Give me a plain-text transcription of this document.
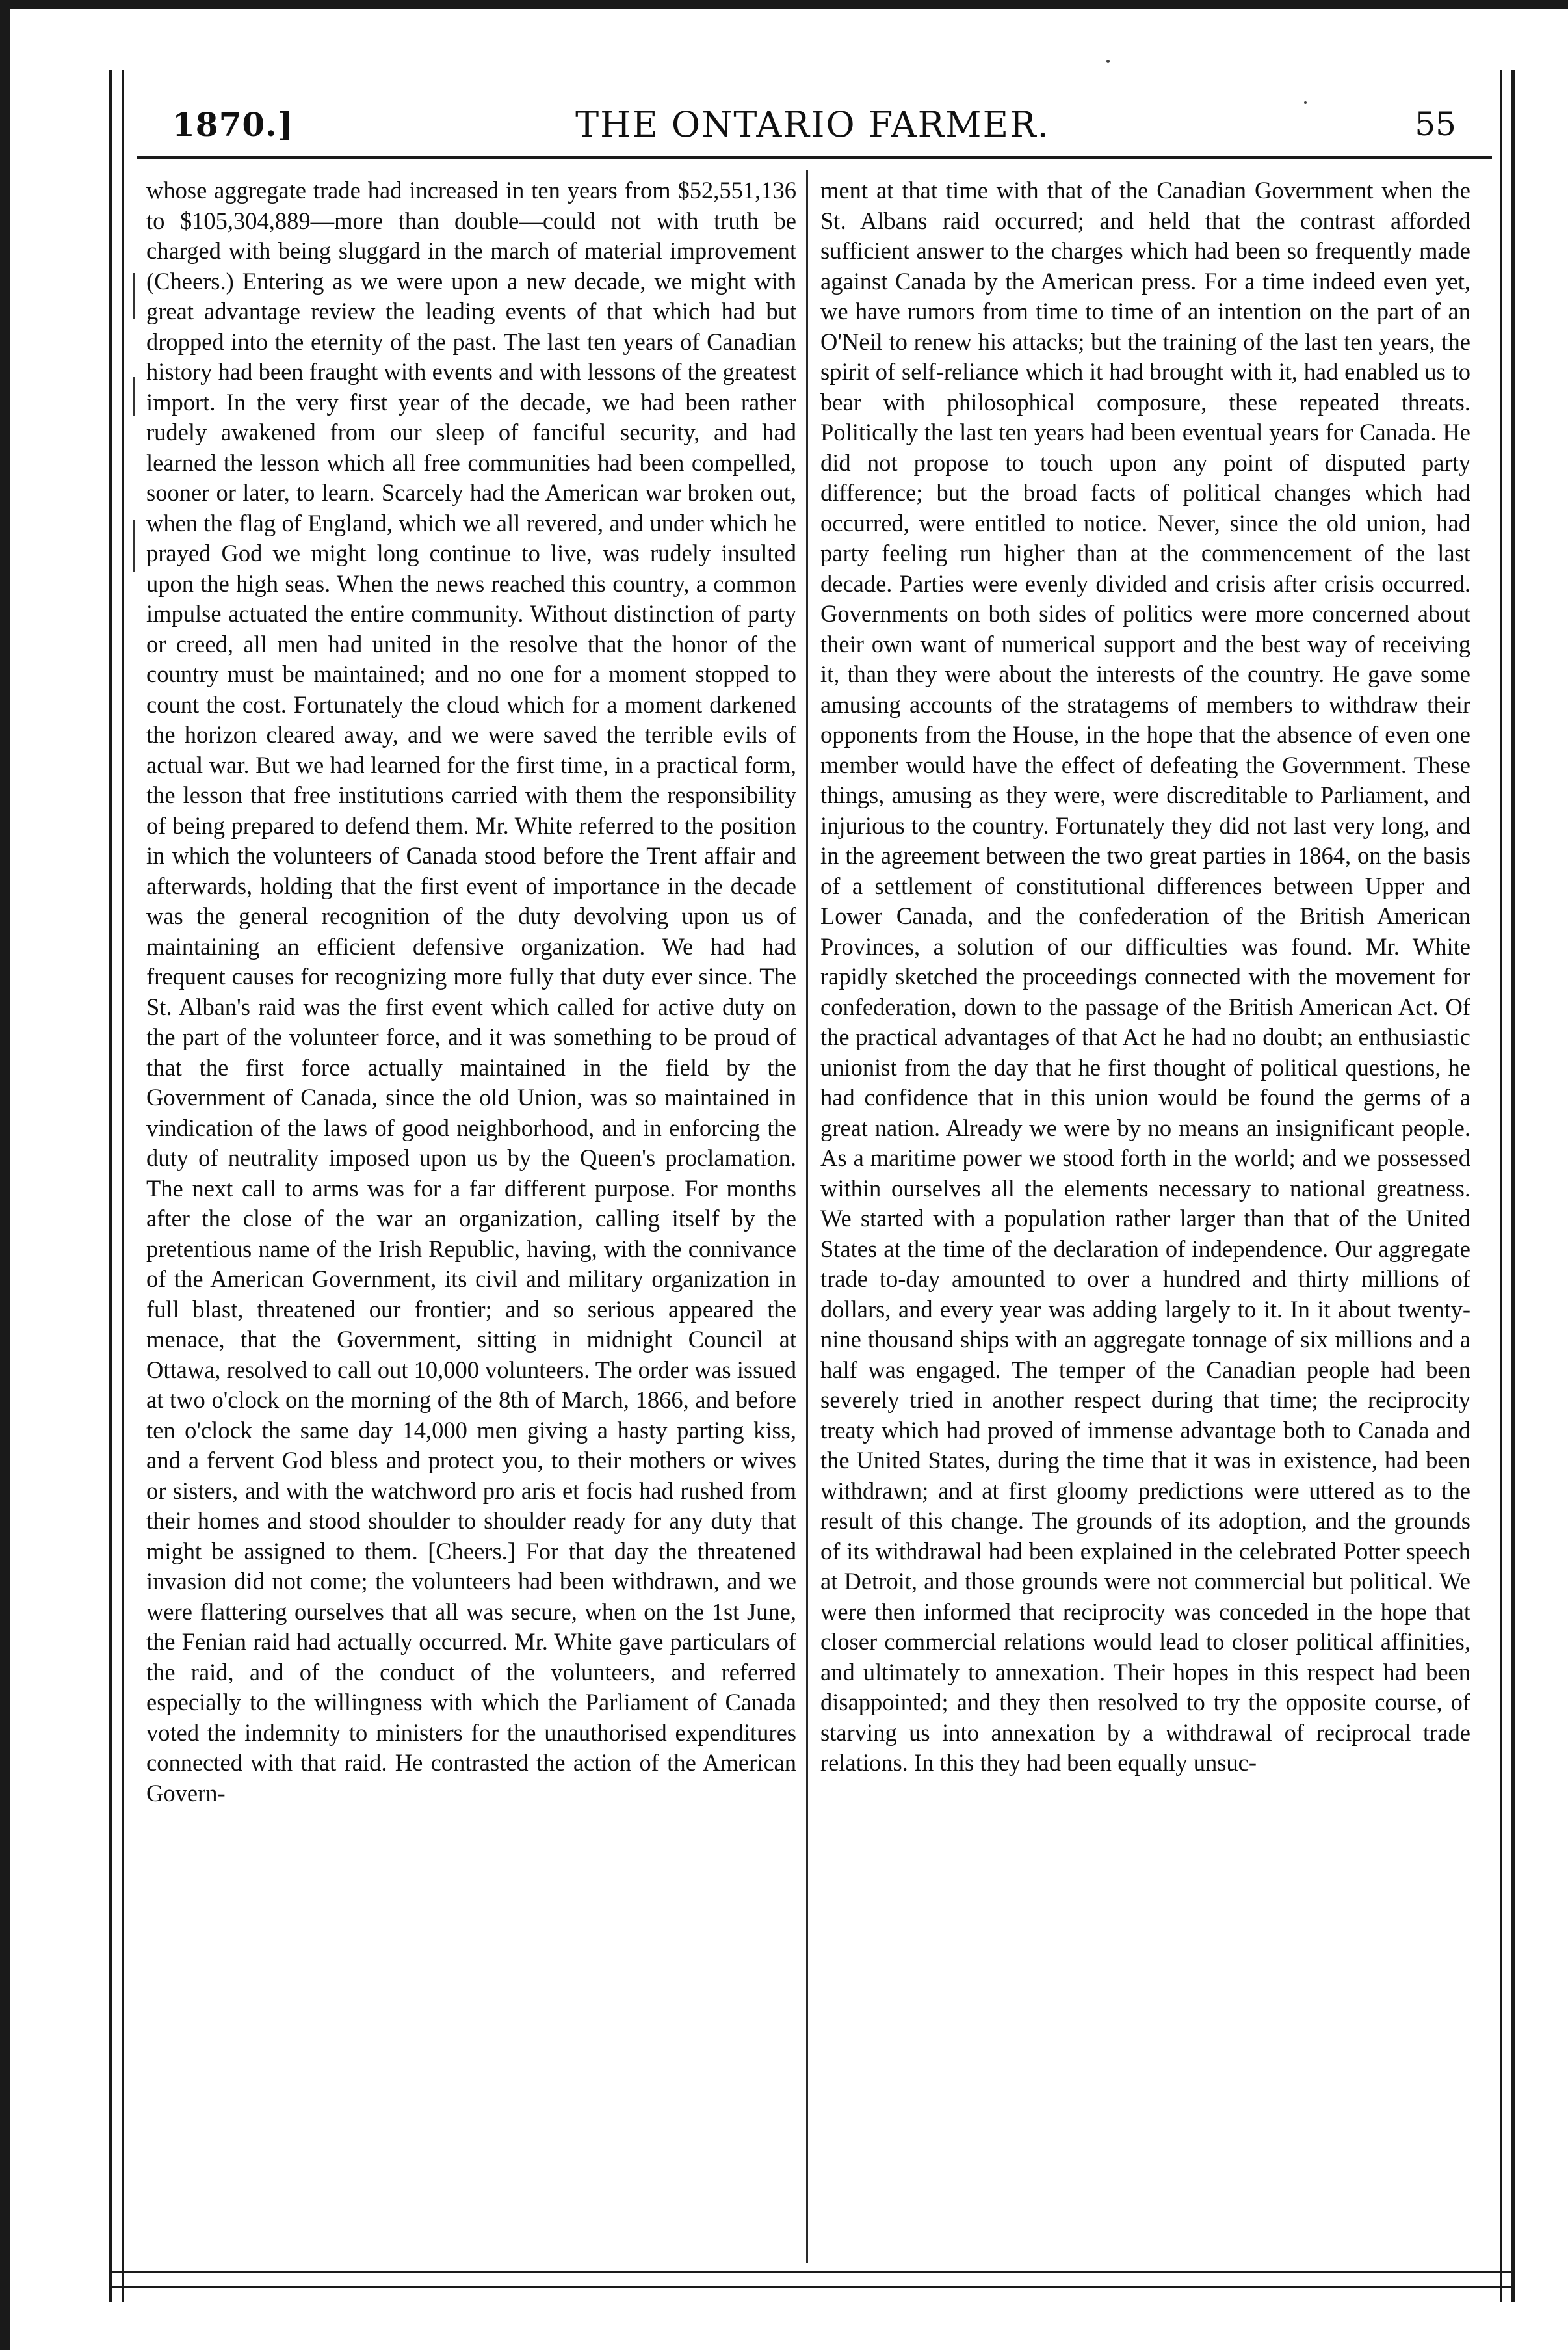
1870.]	THE ONTARIO FARMER.	55

whose aggregate trade had increased in ten years from $52,551,136 to $105,304,889—more than double—could not with truth be charged with being sluggard in the march of material improvement (Cheers.) Entering as we were upon a new decade, we might with great advantage review the leading events of that which had but dropped into the eternity of the past. The last ten years of Canadian history had been fraught with events and with lessons of the greatest import. In the very first year of the decade, we had been rather rudely awakened from our sleep of fanciful security, and had learned the lesson which all free communities had been compelled, sooner or later, to learn. Scarcely had the American war broken out, when the flag of England, which we all revered, and under which he prayed God we might long continue to live, was rudely insulted upon the high seas. When the news reached this country, a common impulse actuated the entire community. Without distinction of party or creed, all men had united in the resolve that the honor of the country must be maintained; and no one for a moment stopped to count the cost. Fortunately the cloud which for a moment darkened the horizon cleared away, and we were saved the terrible evils of actual war. But we had learned for the first time, in a practical form, the lesson that free institutions carried with them the responsibility of being prepared to defend them. Mr. White referred to the position in which the volunteers of Canada stood before the Trent affair and afterwards, holding that the first event of importance in the decade was the general recognition of the duty devolving upon us of maintaining an efficient defensive organization. We had had frequent causes for recognizing more fully that duty ever since. The St. Alban's raid was the first event which called for active duty on the part of the volunteer force, and it was something to be proud of that the first force actually maintained in the field by the Government of Canada, since the old Union, was so maintained in vindication of the laws of good neighborhood, and in enforcing the duty of neutrality imposed upon us by the Queen's proclamation. The next call to arms was for a far different purpose. For months after the close of the war an organization, calling itself by the pretentious name of the Irish Republic, having, with the connivance of the American Government, its civil and military organization in full blast, threatened our frontier; and so serious appeared the menace, that the Government, sitting in midnight Council at Ottawa, resolved to call out 10,000 volunteers. The order was issued at two o'clock on the morning of the 8th of March, 1866, and before ten o'clock the same day 14,000 men giving a hasty parting kiss, and a fervent God bless and protect you, to their mothers or wives or sisters, and with the watchword pro aris et focis had rushed from their homes and stood shoulder to shoulder ready for any duty that might be assigned to them. [Cheers.] For that day the threatened invasion did not come; the volunteers had been withdrawn, and we were flattering ourselves that all was secure, when on the 1st June, the Fenian raid had actually occurred. Mr. White gave particulars of the raid, and of the conduct of the volunteers, and referred especially to the willingness with which the Parliament of Canada voted the indemnity to ministers for the unauthorised expenditures connected with that raid. He contrasted the action of the American Govern-

ment at that time with that of the Canadian Government when the St. Albans raid occurred; and held that the contrast afforded sufficient answer to the charges which had been so frequently made against Canada by the American press. For a time indeed even yet, we have rumors from time to time of an intention on the part of an O'Neil to renew his attacks; but the training of the last ten years, the spirit of self-reliance which it had brought with it, had enabled us to bear with philosophical composure, these repeated threats. Politically the last ten years had been eventual years for Canada. He did not propose to touch upon any point of disputed party difference; but the broad facts of political changes which had occurred, were entitled to notice. Never, since the old union, had party feeling run higher than at the commencement of the last decade. Parties were evenly divided and crisis after crisis occurred. Governments on both sides of politics were more concerned about their own want of numerical support and the best way of receiving it, than they were about the interests of the country. He gave some amusing accounts of the stratagems of members to withdraw their opponents from the House, in the hope that the absence of even one member would have the effect of defeating the Government. These things, amusing as they were, were discreditable to Parliament, and injurious to the country. Fortunately they did not last very long, and in the agreement between the two great parties in 1864, on the basis of a settlement of constitutional differences between Upper and Lower Canada, and the confederation of the British American Provinces, a solution of our difficulties was found. Mr. White rapidly sketched the proceedings connected with the movement for confederation, down to the passage of the British American Act. Of the practical advantages of that Act he had no doubt; an enthusiastic unionist from the day that he first thought of political questions, he had confidence that in this union would be found the germs of a great nation. Already we were by no means an insignificant people. As a maritime power we stood forth in the world; and we possessed within ourselves all the elements necessary to national greatness. We started with a population rather larger than that of the United States at the time of the declaration of independence. Our aggregate trade to-day amounted to over a hundred and thirty millions of dollars, and every year was adding largely to it. In it about twenty-nine thousand ships with an aggregate tonnage of six millions and a half was engaged. The temper of the Canadian people had been severely tried in another respect during that time; the reciprocity treaty which had proved of immense advantage both to Canada and the United States, during the time that it was in existence, had been withdrawn; and at first gloomy predictions were uttered as to the result of this change. The grounds of its adoption, and the grounds of its withdrawal had been explained in the celebrated Potter speech at Detroit, and those grounds were not commercial but political. We were then informed that reciprocity was conceded in the hope that closer commercial relations would lead to closer political affinities, and ultimately to annexation. Their hopes in this respect had been disappointed; and they then resolved to try the opposite course, of starving us into annexation by a withdrawal of reciprocal trade relations. In this they had been equally unsuc-
